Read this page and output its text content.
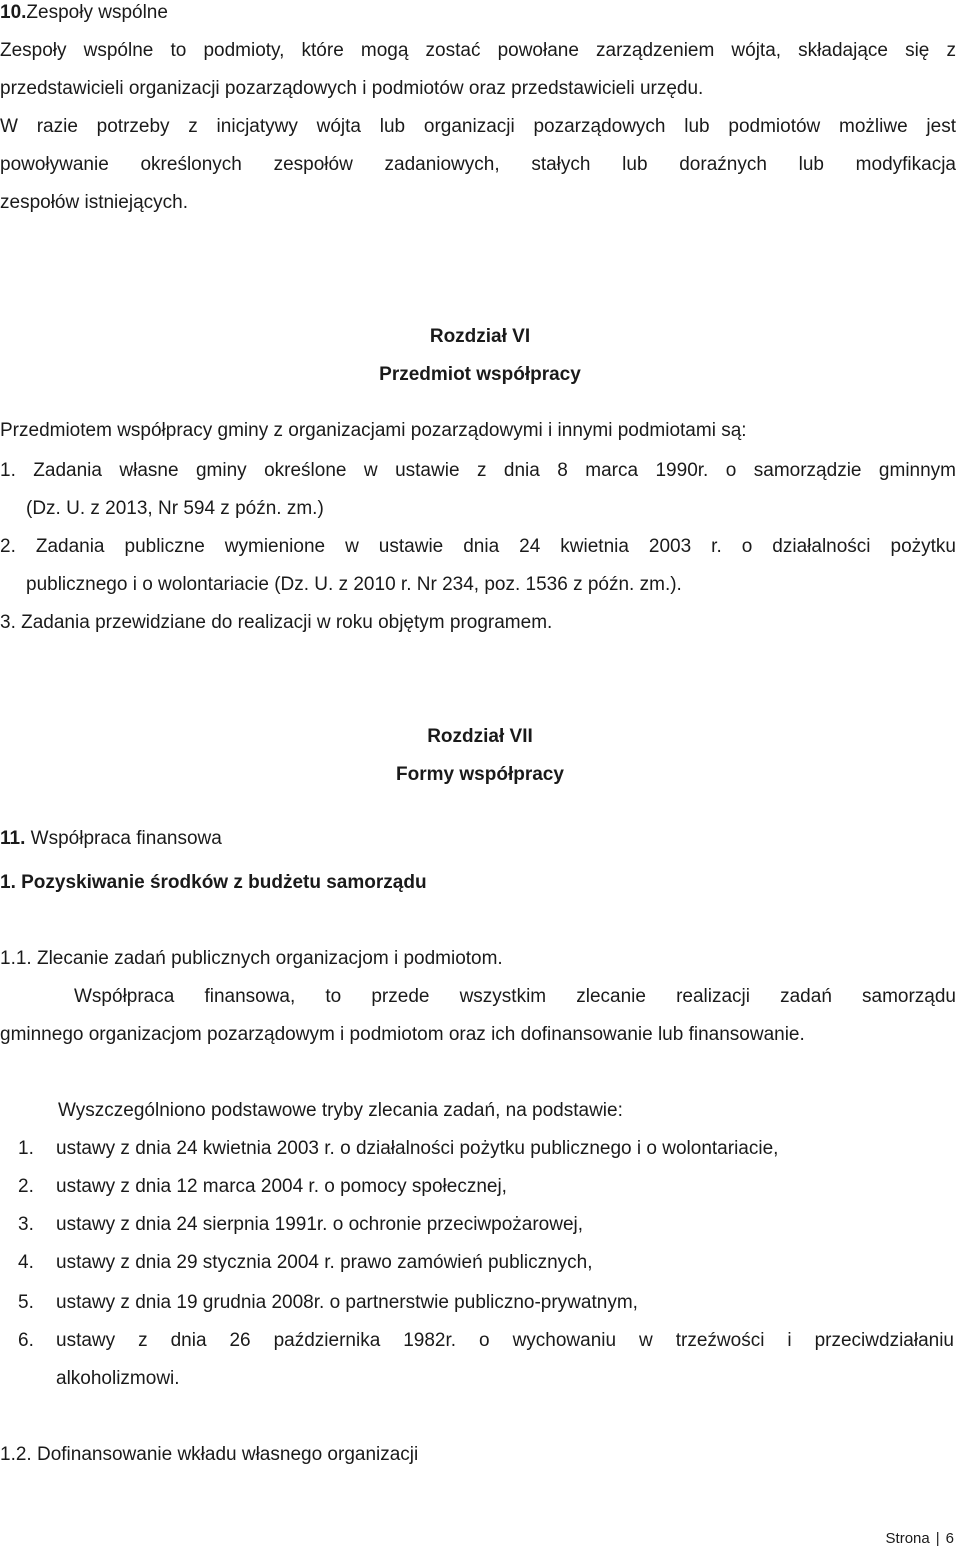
10.Zespoły wspólne
Zespoły wspólne to podmioty, które mogą zostać powołane zarządzeniem wójta, składające się z
przedstawicieli organizacji pozarządowych i podmiotów oraz przedstawicieli urzędu.
W razie potrzeby z inicjatywy wójta lub organizacji pozarządowych lub podmiotów możliwe jest
powoływanie określonych zespołów zadaniowych, stałych lub doraźnych lub modyfikacja
zespołów istniejących.
Rozdział VI
Przedmiot współpracy
Przedmiotem współpracy gminy z organizacjami pozarządowymi i innymi podmiotami są:
1. Zadania własne gminy określone w ustawie z dnia 8 marca 1990r. o samorządzie gminnym
(Dz. U. z 2013, Nr 594 z późn. zm.)
2. Zadania publiczne wymienione w ustawie dnia 24 kwietnia 2003 r. o działalności pożytku
publicznego i o wolontariacie (Dz. U. z 2010 r. Nr 234, poz. 1536 z późn. zm.).
3. Zadania przewidziane do realizacji w roku objętym programem.
Rozdział VII
Formy współpracy
11. Współpraca finansowa
1. Pozyskiwanie środków z budżetu samorządu
1.1. Zlecanie zadań publicznych organizacjom i podmiotom.
Współpraca finansowa, to przede wszystkim zlecanie realizacji zadań samorządu
gminnego organizacjom pozarządowym i podmiotom oraz ich dofinansowanie lub finansowanie.
Wyszczególniono podstawowe tryby zlecania zadań, na podstawie:
1. ustawy z dnia 24 kwietnia 2003 r. o działalności pożytku publicznego i o wolontariacie,
2. ustawy z dnia 12 marca 2004 r. o pomocy społecznej,
3. ustawy z dnia 24 sierpnia 1991r. o ochronie przeciwpożarowej,
4. ustawy z dnia 29 stycznia 2004 r. prawo zamówień publicznych,
5. ustawy z dnia 19 grudnia 2008r. o partnerstwie publiczno-prywatnym,
6. ustawy z dnia 26 października 1982r. o wychowaniu w trzeźwości i przeciwdziałaniu
alkoholizmowi.
1.2. Dofinansowanie wkładu własnego organizacji
Strona | 6
